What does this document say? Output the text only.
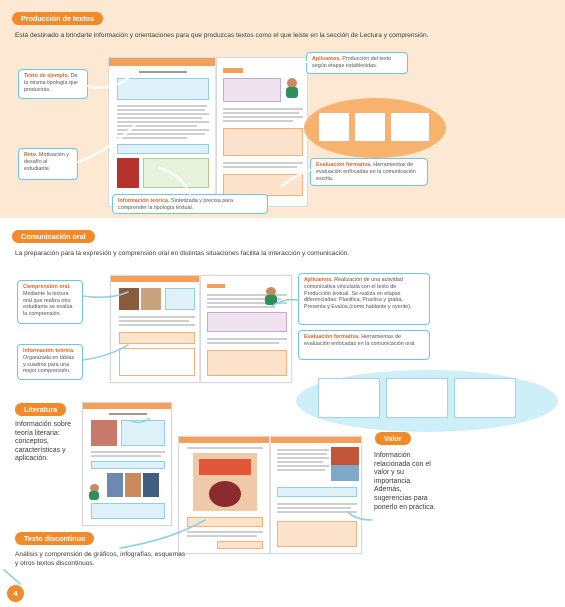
Producción de textos
Está destinado a brindarte información y orientaciones para que produzcas textos como el que leiste en la sección de Lectura y comprensión.
Texto de ejemplo. De la misma tipología que producirás.
Reto. Motivación y desafío al estudiante.
Información teórica. Sintetizada y precisa para comprender la tipología textual.
Aplicamos. Producción del texto según etapas establecidas.
Evaluación formativa. Herramientas de evaluación enfocadas en la comunicación escrita.
Comunicación oral
La preparación para la expresión y comprensión oral en distintas situaciones facilita la interacción y comunicación.
Comprensión oral. Mediante la lectura oral que realiza otro estudiante se evalúa la comprensión.
Información teórica. Organizada en tablas y cuadros para una mejor comprensión.
Aplicamos. Realización de una actividad comunicativa vinculada con el texto de Producción textual. Se realiza en etapas diferenciadas: Planifica, Practica y graba, Presenta y Evalúa (como hablante y oyente).
Evaluación formativa. Herramientas de evaluación enfocadas en la comunicación oral.
Literatura
Información sobre teoría literaria: conceptos, características y aplicación.
Valor
Información relacionada con el valor y su importancia. Además, sugerencias para ponerlo en práctica.
Texto discontinuo
Análisis y comprensión de gráficos, infografías, esquemas y otros textos discontinuos.
4
